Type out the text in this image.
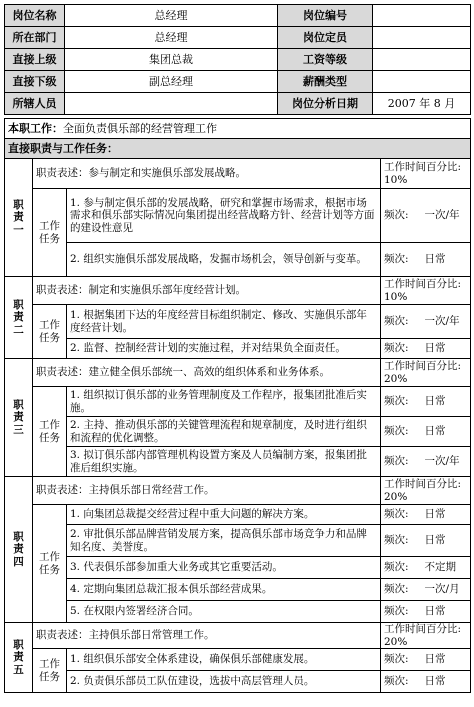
岗位名称	总经理	岗位编号	
所在部门	总经理	岗位定员	
直接上级	集团总裁	工资等级	
直接下级	副总经理	薪酬类型	
所辖人员		岗位分析日期	2007 年 8 月
本职工作：全面负责俱乐部的经营管理工作
直接职责与工作任务：
职
责
一	职责表述：参与制定和实施俱乐部发展战略。		工作时间百分比:
10%
	工作任务	1. 参与制定俱乐部的发展战略，研究和掌握市场需求，根据市场需求和俱乐部实际情况向集团提出经营战略方针、经营计划等方面的建设性意见	频次: 一次/年
		2. 组织实施俱乐部发展战略，发掘市场机会，领导创新与变革。	频次: 日常

职
责
二	职责表述：制定和实施俱乐部年度经营计划。		工作时间百分比:
10%
	工作任务	1. 根据集团下达的年度经营目标组织制定、修改、实施俱乐部年度经营计划。	频次: 一次/年
		2. 监督、控制经营计划的实施过程，并对结果负全面责任。	频次: 日常

职
责
三	职责表述：建立健全俱乐部统一、高效的组织体系和业务体系。		工作时间百分比:
20%
	工作任务	1. 组织拟订俱乐部的业务管理制度及工作程序，报集团批准后实施。	频次: 日常
		2. 主持、推动俱乐部的关键管理流程和规章制度，及时进行组织和流程的优化调整。	频次: 日常
		3. 拟订俱乐部内部管理机构设置方案及人员编制方案，报集团批准后组织实施。	频次: 一次/年

职
责
四	职责表述：主持俱乐部日常经营工作。		工作时间百分比:
20%
	工作任务	1. 向集团总裁提交经营过程中重大问题的解决方案。	频次: 日常
		2. 审批俱乐部品牌营销发展方案，提高俱乐部市场竞争力和品牌知名度、美誉度。	频次: 日常
		3. 代表俱乐部参加重大业务或其它重要活动。	频次: 不定期
		4. 定期向集团总裁汇报本俱乐部经营成果。	频次: 一次/月
		5. 在权限内签署经济合同。	频次: 日常

职
责
五	职责表述：主持俱乐部日常管理工作。		工作时间百分比:
20%
	工作任务	1. 组织俱乐部安全体系建设，确保俱乐部健康发展。	频次: 日常
		2. 负责俱乐部员工队伍建设，选拔中高层管理人员。	频次: 日常
